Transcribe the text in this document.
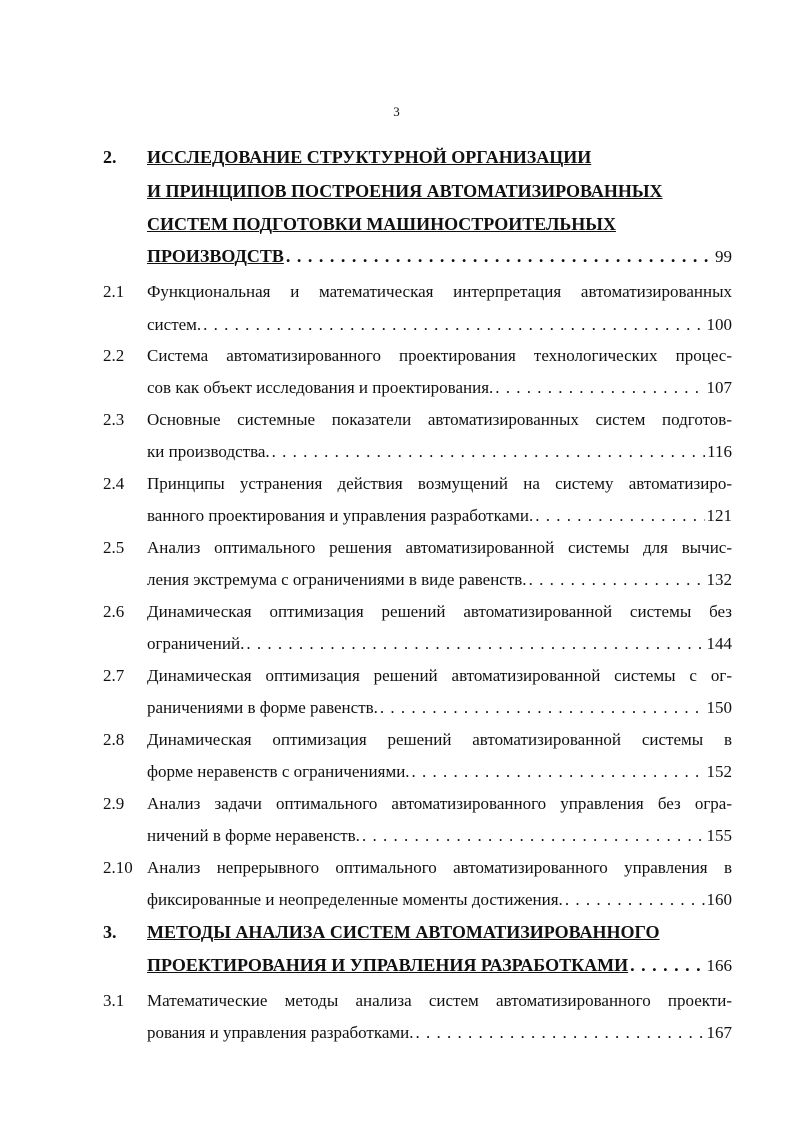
3
2. ИССЛЕДОВАНИЕ СТРУКТУРНОЙ ОРГАНИЗАЦИИ
И ПРИНЦИПОВ ПОСТРОЕНИЯ АВТОМАТИЗИРОВАННЫХ
СИСТЕМ ПОДГОТОВКИ МАШИНОСТРОИТЕЛЬНЫХ
ПРОИЗВОДСТВ . . .	99
2.1 Функциональная и математическая интерпретация автоматизированных
систем. . . .	100
2.2 Система автоматизированного проектирования технологических процес-
сов как объект исследования и проектирования. . . .	107
2.3 Основные системные показатели автоматизированных систем подготов-
ки производства. . . .	116
2.4 Принципы устранения действия возмущений на систему автоматизиро-
ванного проектирования и управления разработками. . . .	121
2.5 Анализ оптимального решения автоматизированной системы для вычис-
ления экстремума с ограничениями в виде равенств. . . .	132
2.6 Динамическая оптимизация решений автоматизированной системы без
ограничений. . . .	144
2.7 Динамическая оптимизация решений автоматизированной системы с ог-
раничениями в форме равенств. . . .	150
2.8 Динамическая оптимизация решений автоматизированной системы в
форме неравенств с ограничениями. . . .	152
2.9 Анализ задачи оптимального автоматизированного управления без огра-
ничений в форме неравенств. . . .	155
2.10 Анализ непрерывного оптимального автоматизированного управления в
фиксированные и неопределенные моменты достижения. . . .	160
3. МЕТОДЫ АНАЛИЗА СИСТЕМ АВТОМАТИЗИРОВАННОГО
ПРОЕКТИРОВАНИЯ И УПРАВЛЕНИЯ РАЗРАБОТКАМИ . . .	166
3.1 Математические методы анализа систем автоматизированного проекти-
рования и управления разработками. . . .	167
